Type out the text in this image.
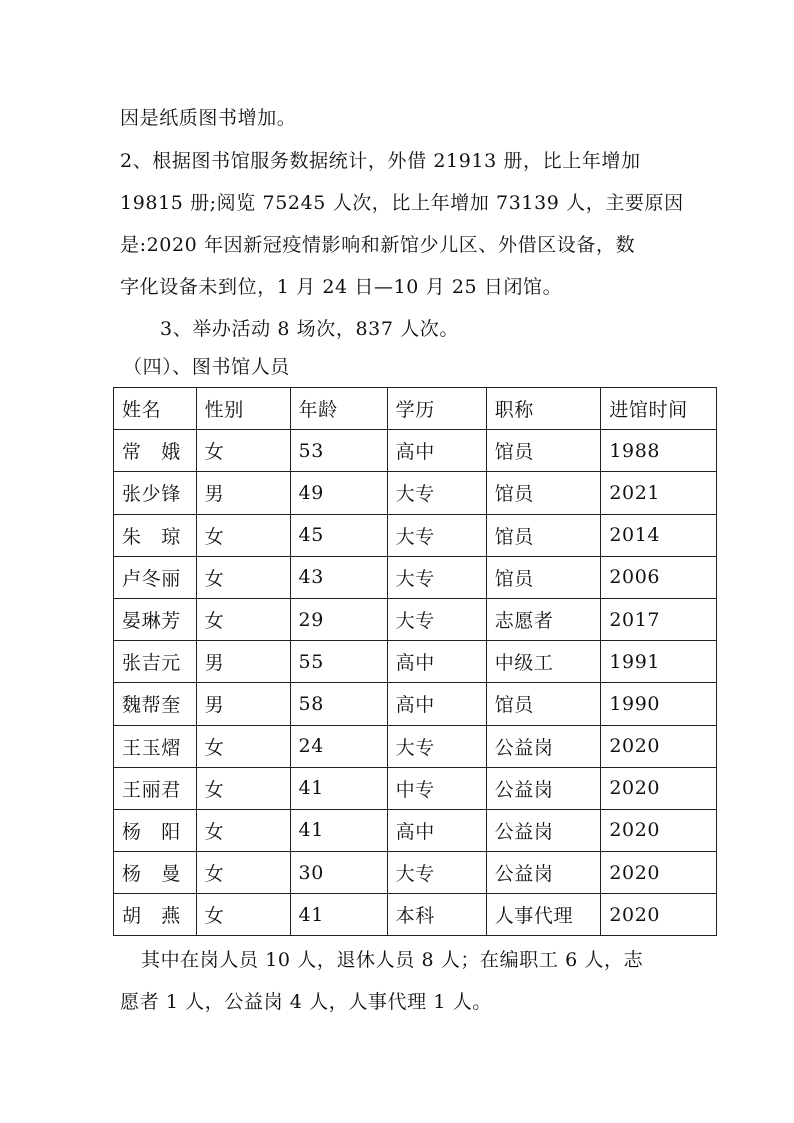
因是纸质图书增加。
2、根据图书馆服务数据统计，外借 21913 册，比上年增加
19815 册;阅览 75245 人次，比上年增加 73139 人，主要原因
是:2020 年因新冠疫情影响和新馆少儿区、外借区设备，数
字化设备未到位，1 月 24 日—10 月 25 日闭馆。
3、举办活动 8 场次，837 人次。
（四）、图书馆人员
姓名	性别	年龄	学历	职称	进馆时间
常　娥	女	53	高中	馆员	1988
张少锋	男	49	大专	馆员	2021
朱　琼	女	45	大专	馆员	2014
卢冬丽	女	43	大专	馆员	2006
晏琳芳	女	29	大专	志愿者	2017
张吉元	男	55	高中	中级工	1991
魏帮奎	男	58	高中	馆员	1990
王玉熠	女	24	大专	公益岗	2020
王丽君	女	41	中专	公益岗	2020
杨　阳	女	41	高中	公益岗	2020
杨　曼	女	30	大专	公益岗	2020
胡　燕	女	41	本科	人事代理	2020
其中在岗人员 10 人，退休人员 8 人；在编职工 6 人，志
愿者 1 人，公益岗 4 人，人事代理 1 人。
